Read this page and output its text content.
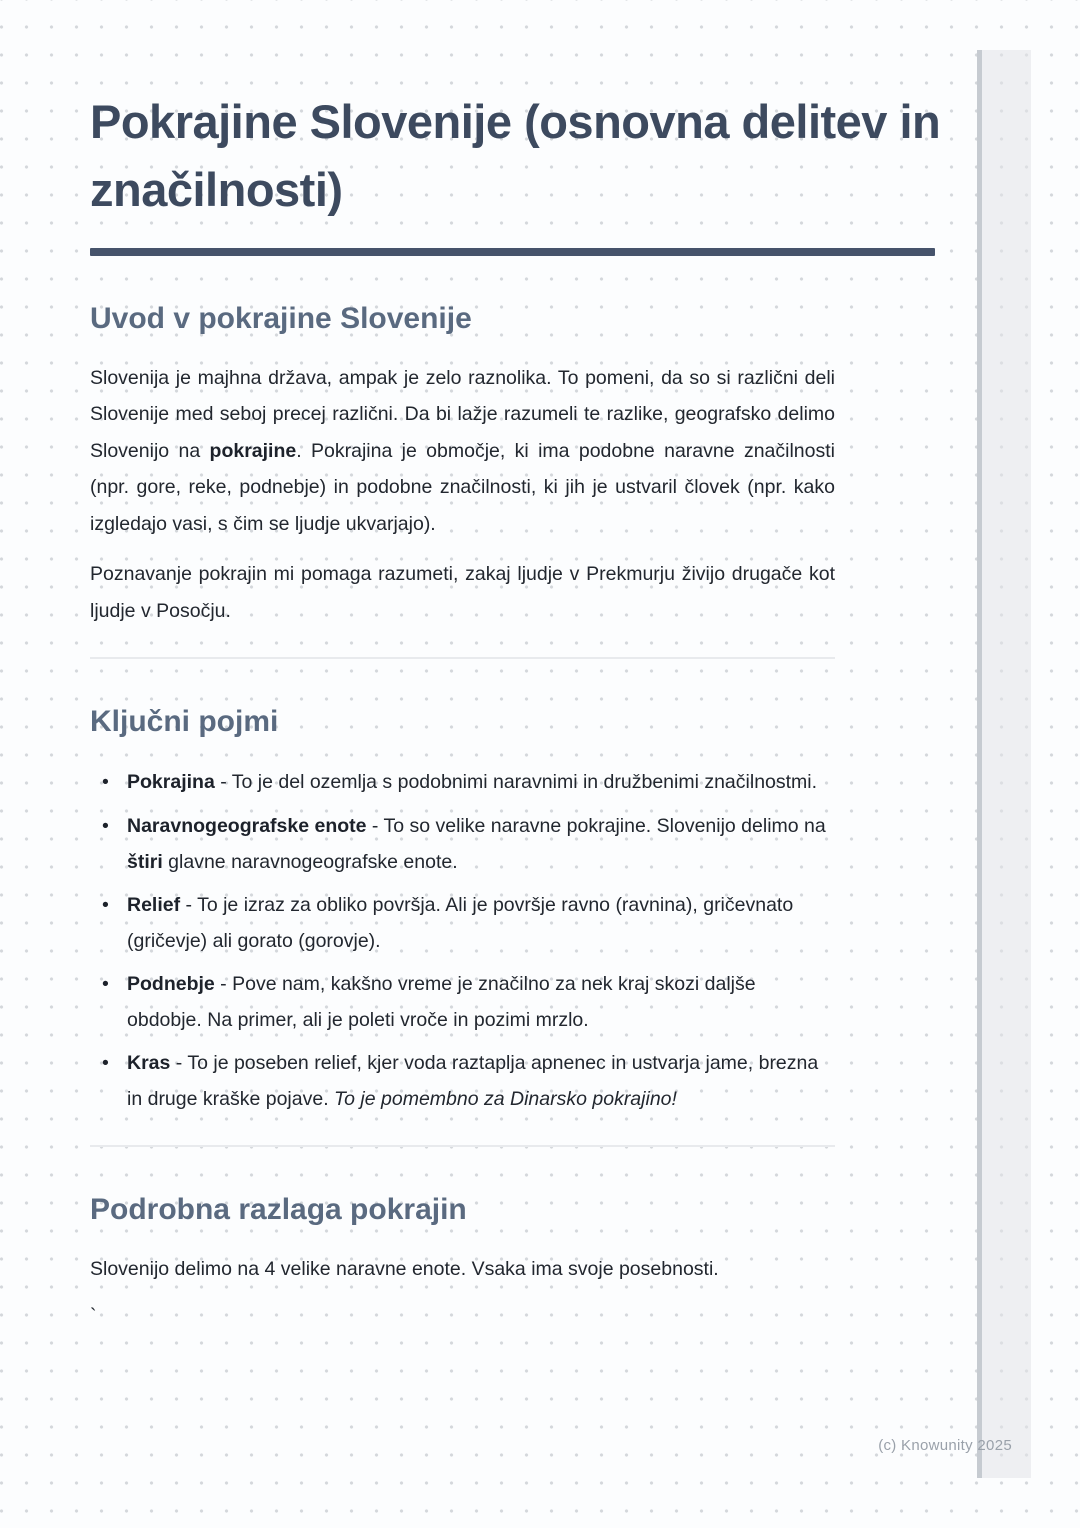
Pokrajine Slovenije (osnovna delitev in značilnosti)
Uvod v pokrajine Slovenije

Slovenija je majhna država, ampak je zelo raznolika. To pomeni, da so si različni deli Slovenije med seboj precej različni. Da bi lažje razumeli te razlike, geografsko delimo Slovenijo na pokrajine. Pokrajina je območje, ki ima podobne naravne značilnosti (npr. gore, reke, podnebje) in podobne značilnosti, ki jih je ustvaril človek (npr. kako izgledajo vasi, s čim se ljudje ukvarjajo).

Poznavanje pokrajin mi pomaga razumeti, zakaj ljudje v Prekmurju živijo drugače kot ljudje v Posočju.

Ključni pojmi
• Pokrajina - To je del ozemlja s podobnimi naravnimi in družbenimi značilnostmi.
• Naravnogeografske enote - To so velike naravne pokrajine. Slovenijo delimo na štiri glavne naravnogeografske enote.
• Relief - To je izraz za obliko površja. Ali je površje ravno (ravnina), gričevnato (gričevje) ali gorato (gorovje).
• Podnebje - Pove nam, kakšno vreme je značilno za nek kraj skozi daljše obdobje. Na primer, ali je poleti vroče in pozimi mrzlo.
• Kras - To je poseben relief, kjer voda raztaplja apnenec in ustvarja jame, brezna in druge kraške pojave. To je pomembno za Dinarsko pokrajino!
Podrobna razlaga pokrajin

Slovenijo delimo na 4 velike naravne enote. Vsaka ima svoje posebnosti.

`

(c) Knowunity 2025
